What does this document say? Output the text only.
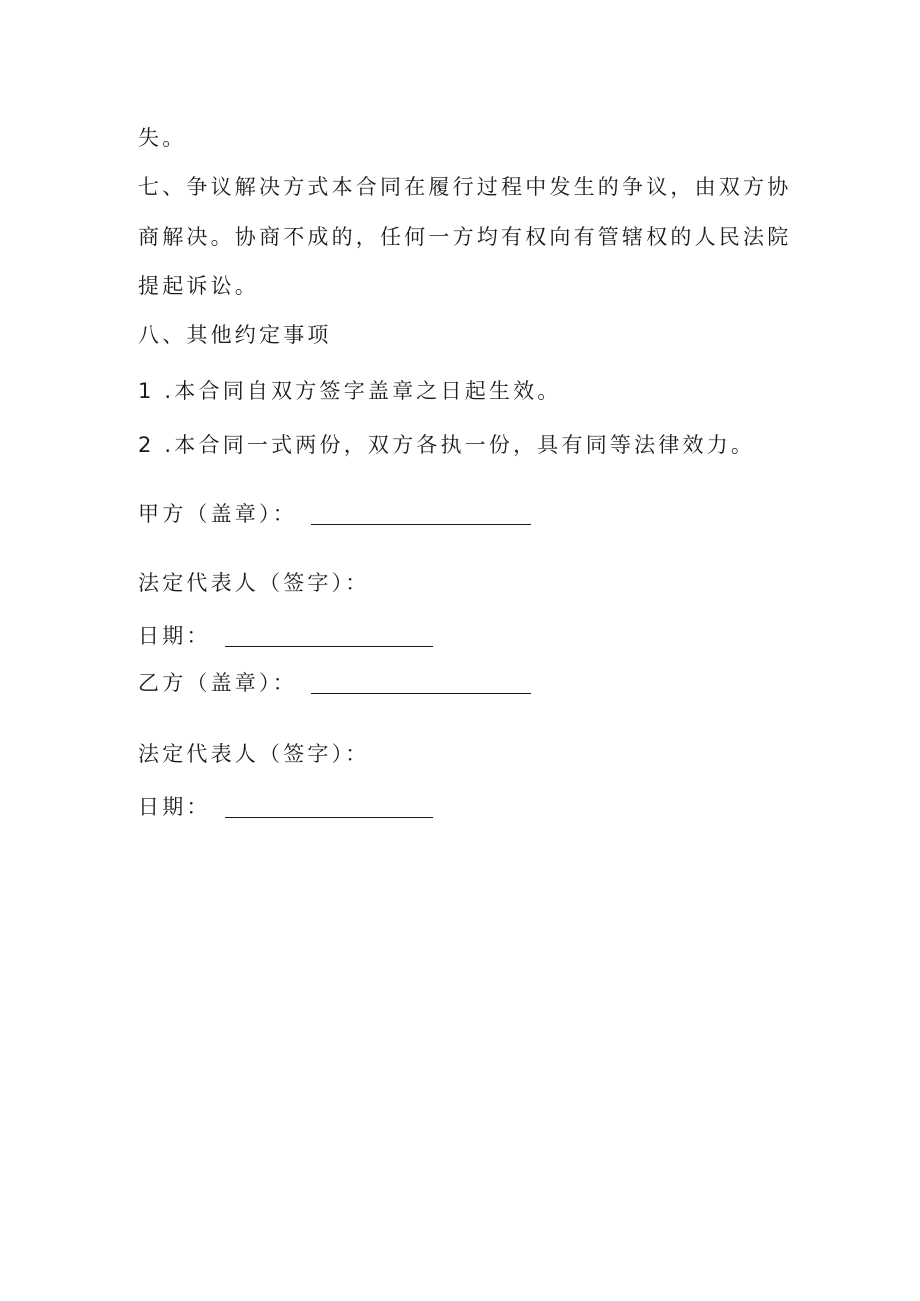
失。
七、争议解决方式本合同在履行过程中发生的争议，由双方协
商解决。协商不成的，任何一方均有权向有管辖权的人民法院
提起诉讼。
八、其他约定事项
1 .本合同自双方签字盖章之日起生效。
2 .本合同一式两份，双方各执一份，具有同等法律效力。
甲方（盖章）：
法定代表人（签字）：
日期：
乙方（盖章）：
法定代表人（签字）：
日期：
